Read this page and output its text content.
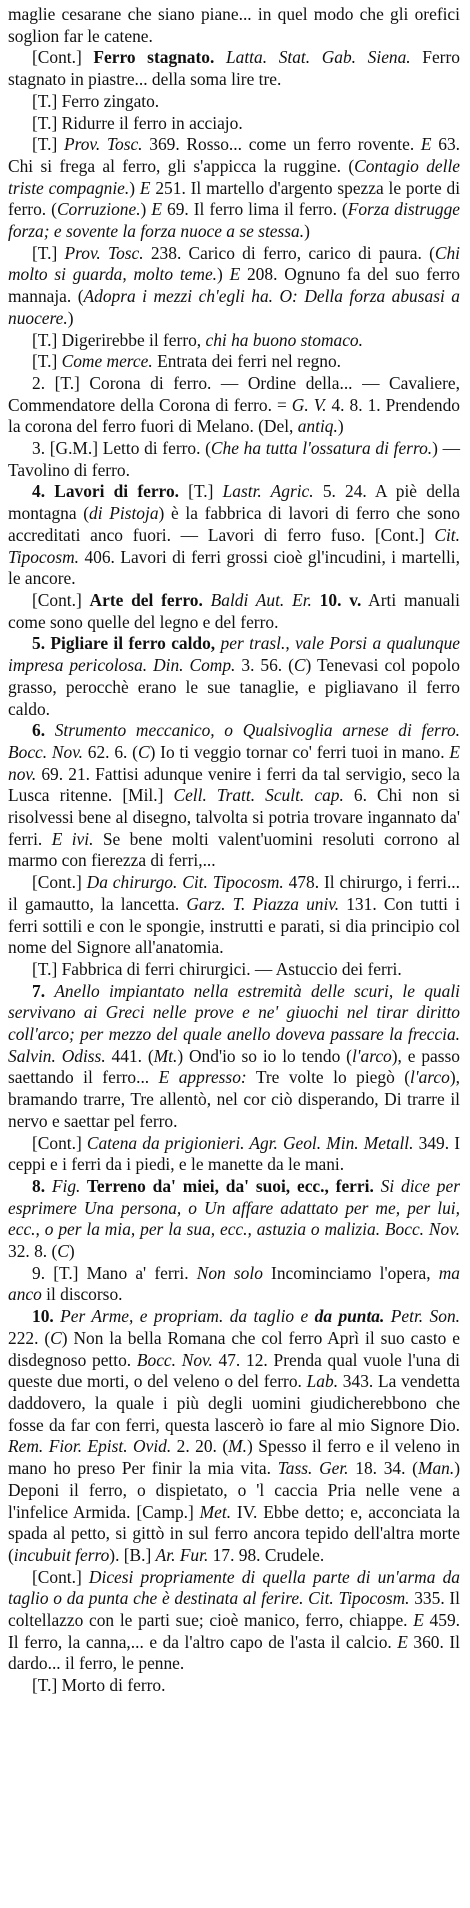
maglie cesarane che siano piane... in quel modo che gli orefici soglion far le catene.

[Cont.] Ferro stagnato. Latta. Stat. Gab. Siena. Ferro stagnato in piastre... della soma lire tre.

[T.] Ferro zingato.

[T.] Ridurre il ferro in acciajo.

[T.] Prov. Tosc. 369. Rosso... come un ferro rovente. E 63. Chi si frega al ferro, gli s'appicca la ruggine. (Contagio delle triste compagnie.) E 251. Il martello d'argento spezza le porte di ferro. (Corruzione.) E 69. Il ferro lima il ferro. (Forza distrugge forza; e sovente la forza nuoce a se stessa.)

[T.] Prov. Tosc. 238. Carico di ferro, carico di paura. (Chi molto si guarda, molto teme.) E 208. Ognuno fa del suo ferro mannaja. (Adopra i mezzi ch'egli ha. O: Della forza abusasi a nuocere.)

[T.] Digerirebbe il ferro, chi ha buono stomaco.

[T.] Come merce. Entrata dei ferri nel regno.

2. [T.] Corona di ferro. — Ordine della... — Cavaliere, Commendatore della Corona di ferro. = G. V. 4. 8. 1. Prendendo la corona del ferro fuori di Melano. (Del, antiq.)

3. [G.M.] Letto di ferro. (Che ha tutta l'ossatura di ferro.) — Tavolino di ferro.

4. Lavori di ferro. [T.] Lastr. Agric. 5. 24. A piè della montagna (di Pistoja) è la fabbrica di lavori di ferro che sono accreditati anco fuori. — Lavori di ferro fuso. [Cont.] Cit. Tipocosm. 406. Lavori di ferri grossi cioè gl'incudini, i martelli, le ancore.

[Cont.] Arte del ferro. Baldi Aut. Er. 10. v. Arti manuali come sono quelle del legno e del ferro.

5. Pigliare il ferro caldo, per trasl., vale Porsi a qualunque impresa pericolosa. Din. Comp. 3. 56. (C) Tenevasi col popolo grasso, perocchè erano le sue tanaglie, e pigliavano il ferro caldo.

6. Strumento meccanico, o Qualsivoglia arnese di ferro. Bocc. Nov. 62. 6. (C) Io ti veggio tornar co' ferri tuoi in mano. E nov. 69. 21. Fattisi adunque venire i ferri da tal servigio, seco la Lusca ritenne. [Mil.] Cell. Tratt. Scult. cap. 6. Chi non si risolvessi bene al disegno, talvolta si potria trovare ingannato da' ferri. E ivi. Se bene molti valent'uomini resoluti corrono al marmo con fierezza di ferri,...

[Cont.] Da chirurgo. Cit. Tipocosm. 478. Il chirurgo, i ferri... il gamautto, la lancetta. Garz. T. Piazza univ. 131. Con tutti i ferri sottili e con le spongie, instrutti e parati, si dia principio col nome del Signore all'anatomia.

[T.] Fabbrica di ferri chirurgici. — Astuccio dei ferri.

7. Anello impiantato nella estremità delle scuri, le quali servivano ai Greci nelle prove e ne' giuochi nel tirar diritto coll'arco; per mezzo del quale anello doveva passare la freccia. Salvin. Odiss. 441. (Mt.) Ond'io so io lo tendo (l'arco), e passo saettando il ferro... E appresso: Tre volte lo piegò (l'arco), bramando trarre, Tre allentò, nel cor ciò disperando, Di trarre il nervo e saettar pel ferro.

[Cont.] Catena da prigionieri. Agr. Geol. Min. Metall. 349. I ceppi e i ferri da i piedi, e le manette da le mani.

8. Fig. Terreno da' miei, da' suoi, ecc., ferri. Si dice per esprimere Una persona, o Un affare adattato per me, per lui, ecc., o per la mia, per la sua, ecc., astuzia o malizia. Bocc. Nov. 32. 8. (C)

9. [T.] Mano a' ferri. Non solo Incominciamo l'opera, ma anco il discorso.

10. Per Arme, e propriam. da taglio e da punta. Petr. Son. 222. (C) Non la bella Romana che col ferro Aprì il suo casto e disdegnoso petto. Bocc. Nov. 47. 12. Prenda qual vuole l'una di queste due morti, o del veleno o del ferro. Lab. 343. La vendetta daddovero, la quale i più degli uomini giudicherebbono che fosse da far con ferri, questa lascerò io fare al mio Signore Dio. Rem. Fior. Epist. Ovid. 2. 20. (M.) Spesso il ferro e il veleno in mano ho preso Per finir la mia vita. Tass. Ger. 18. 34. (Man.) Deponi il ferro, o dispietato, o 'l caccia Pria nelle vene a l'infelice Armida. [Camp.] Met. IV. Ebbe detto; e, acconciata la spada al petto, si gittò in sul ferro ancora tepido dell'altra morte (incubuit ferro). [B.] Ar. Fur. 17. 98. Crudele.

[Cont.] Dicesi propriamente di quella parte di un'arma da taglio o da punta che è destinata al ferire. Cit. Tipocosm. 335. Il coltellazzo con le parti sue; cioè manico, ferro, chiappe. E 459. Il ferro, la canna,... e da l'altro capo de l'asta il calcio. E 360. Il dardo... il ferro, le penne.

[T.] Morto di ferro.
